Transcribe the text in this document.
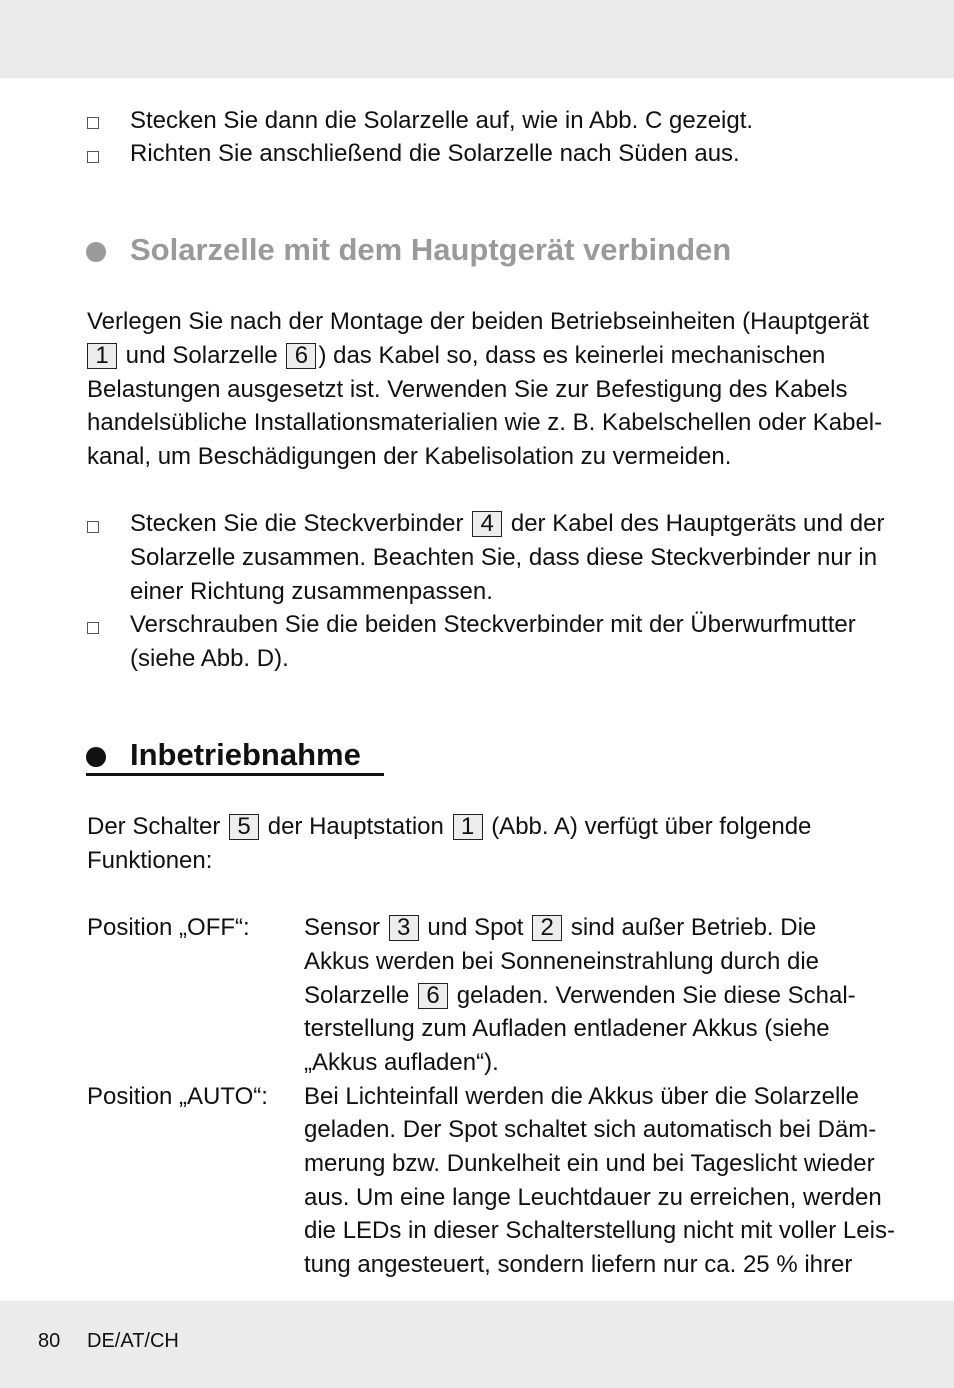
Stecken Sie dann die Solarzelle auf, wie in Abb. C gezeigt.
Richten Sie anschließend die Solarzelle nach Süden aus.
Solarzelle mit dem Hauptgerät verbinden
Verlegen Sie nach der Montage der beiden Betriebseinheiten (Hauptgerät
1 und Solarzelle 6 ) das Kabel so, dass es keinerlei mechanischen
Belastungen ausgesetzt ist. Verwenden Sie zur Befestigung des Kabels
handelsübliche Installationsmaterialien wie z. B. Kabelschellen oder Kabel-
kanal, um Beschädigungen der Kabelisolation zu vermeiden.
Stecken Sie die Steckverbinder 4 der Kabel des Hauptgeräts und der
Solarzelle zusammen. Beachten Sie, dass diese Steckverbinder nur in
einer Richtung zusammenpassen.
Verschrauben Sie die beiden Steckverbinder mit der Überwurfmutter
(siehe Abb. D).
Inbetriebnahme
Der Schalter 5 der Hauptstation 1 (Abb. A) verfügt über folgende
Funktionen:
Position „OFF“: Sensor 3 und Spot 2 sind außer Betrieb. Die
Akkus werden bei Sonneneinstrahlung durch die
Solarzelle 6 geladen. Verwenden Sie diese Schal-
terstellung zum Aufladen entladener Akkus (siehe
„Akkus aufladen“).
Position „AUTO“: Bei Lichteinfall werden die Akkus über die Solarzelle
geladen. Der Spot schaltet sich automatisch bei Däm-
merung bzw. Dunkelheit ein und bei Tageslicht wieder
aus. Um eine lange Leuchtdauer zu erreichen, werden
die LEDs in dieser Schalterstellung nicht mit voller Leis-
tung angesteuert, sondern liefern nur ca. 25 % ihrer
80 DE/AT/CH
